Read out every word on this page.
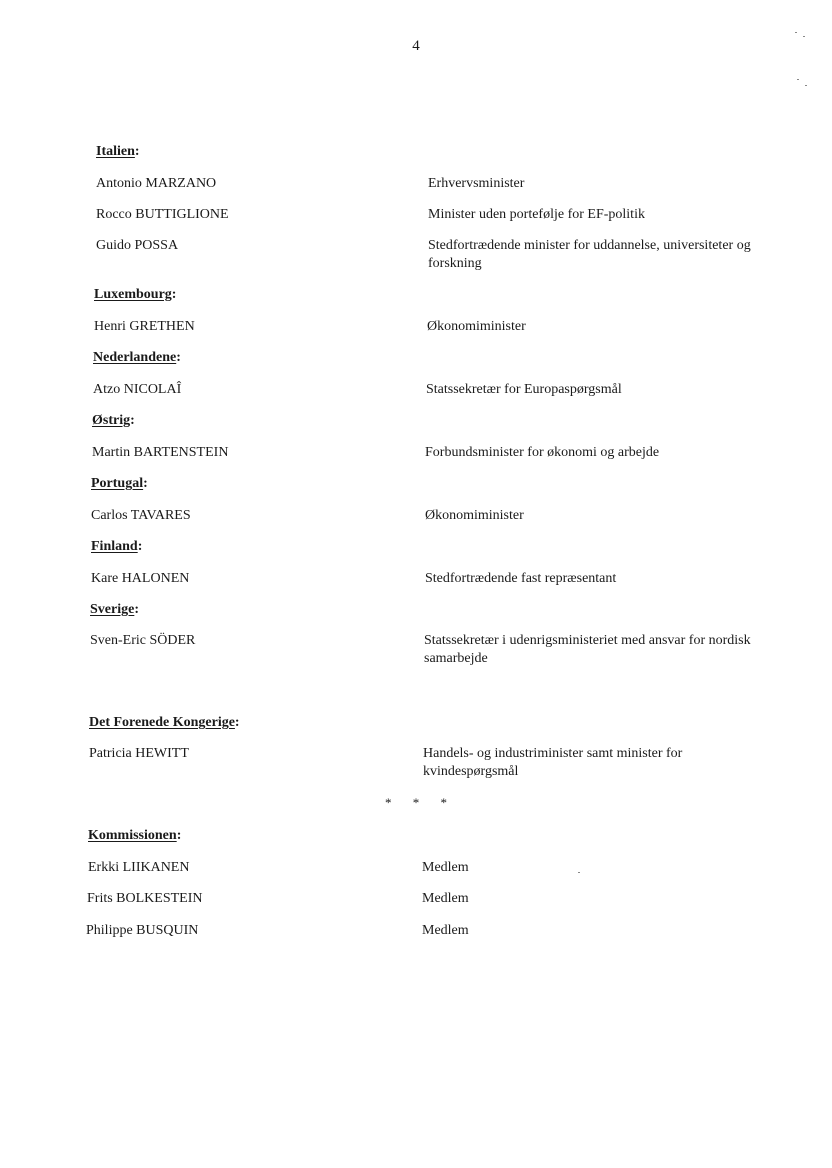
4
Italien:
Antonio MARZANO	Erhvervsminister
Rocco BUTTIGLIONE	Minister uden portefølje for EF-politik
Guido POSSA	Stedfortrædende minister for uddannelse, universiteter og forskning
Luxembourg:
Henri GRETHEN	Økonomiminister
Nederlandene:
Atzo NICOLAÎ	Statssekretær for Europaspørgsmål
Østrig:
Martin BARTENSTEIN	Forbundsminister for økonomi og arbejde
Portugal:
Carlos TAVARES	Økonomiminister
Finland:
Kare HALONEN	Stedfortrædende fast repræsentant
Sverige:
Sven-Eric SÖDER	Statssekretær i udenrigsministeriet med ansvar for nordisk samarbejde
Det Forenede Kongerige:
Patricia HEWITT	Handels- og industriminister samt minister for kvindespørgsmål
* * *
Kommissionen:
Erkki LIIKANEN	Medlem
Frits BOLKESTEIN	Medlem
Philippe BUSQUIN	Medlem
